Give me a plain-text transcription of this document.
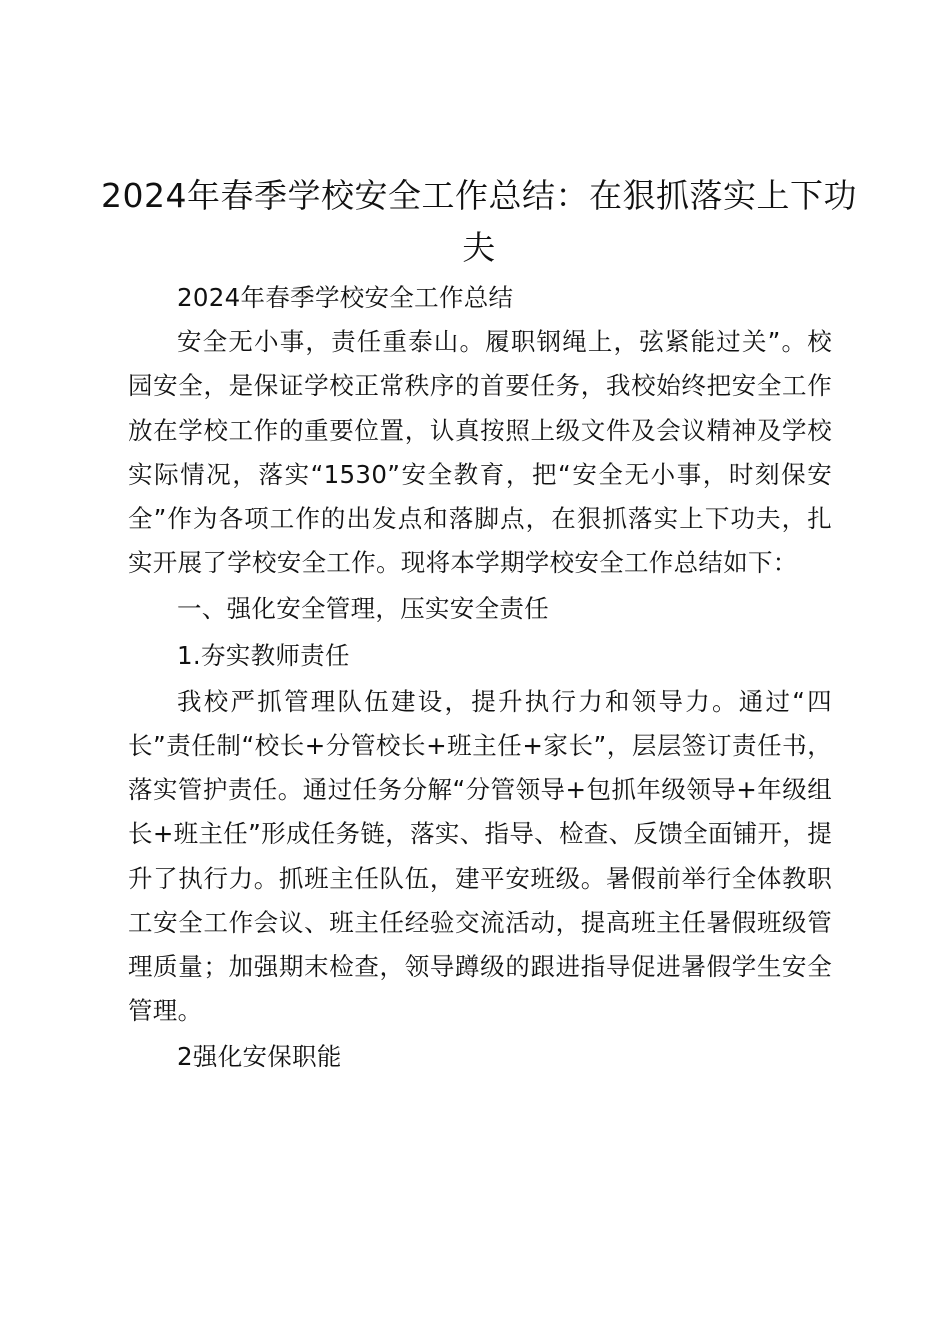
2024年春季学校安全工作总结：在狠抓落实上下功夫

2024年春季学校安全工作总结

安全无小事，责任重泰山。履职钢绳上，弦紧能过关”。校园安全，是保证学校正常秩序的首要任务，我校始终把安全工作放在学校工作的重要位置，认真按照上级文件及会议精神及学校实际情况，落实“1530”安全教育，把“安全无小事，时刻保安全”作为各项工作的出发点和落脚点，在狠抓落实上下功夫，扎实开展了学校安全工作。现将本学期学校安全工作总结如下：

一、强化安全管理，压实安全责任

1.夯实教师责任

我校严抓管理队伍建设，提升执行力和领导力。通过“四长”责任制“校长+分管校长+班主任+家长”，层层签订责任书，落实管护责任。通过任务分解“分管领导+包抓年级领导+年级组长+班主任”形成任务链，落实、指导、检查、反馈全面铺开，提升了执行力。抓班主任队伍，建平安班级。暑假前举行全体教职工安全工作会议、班主任经验交流活动，提高班主任暑假班级管理质量；加强期末检查，领导蹲级的跟进指导促进暑假学生安全管理。

2强化安保职能
